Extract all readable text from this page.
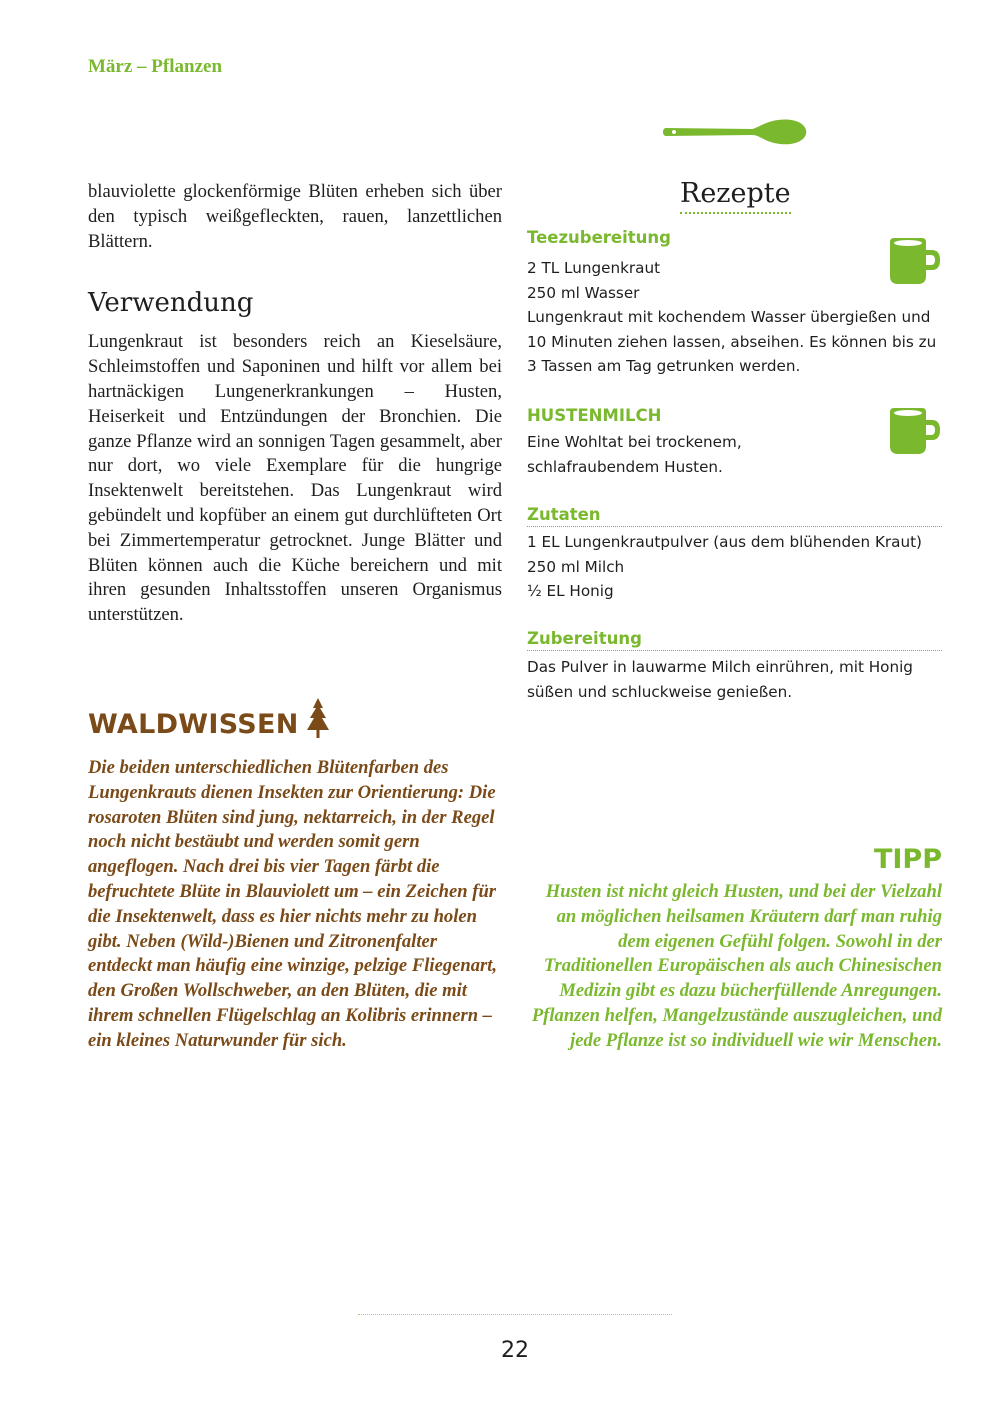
März – Pflanzen

blauviolette glockenförmige Blüten erheben sich über den typisch weißgefleckten, rauen, lanzettlichen Blättern.

Verwendung

Lungenkraut ist besonders reich an Kieselsäure, Schleimstoffen und Saponinen und hilft vor allem bei hartnäckigen Lungenerkrankungen – Husten, Heiserkeit und Entzündungen der Bronchien. Die ganze Pflanze wird an sonnigen Tagen gesammelt, aber nur dort, wo viele Exemplare für die hungrige Insektenwelt bereitstehen. Das Lungenkraut wird gebündelt und kopfüber an einem gut durchlüfteten Ort bei Zimmertemperatur getrocknet. Junge Blätter und Blüten können auch die Küche bereichern und mit ihren gesunden Inhaltsstoffen unseren Organismus unterstützen.

WALDWISSEN

Die beiden unterschiedlichen Blütenfarben des Lungenkrauts dienen Insekten zur Orientierung: Die rosaroten Blüten sind jung, nektarreich, in der Regel noch nicht bestäubt und werden somit gern angeflogen. Nach drei bis vier Tagen färbt die befruchtete Blüte in Blauviolett um – ein Zeichen für die Insektenwelt, dass es hier nichts mehr zu holen gibt. Neben (Wild-)Bienen und Zitronenfalter entdeckt man häufig eine winzige, pelzige Fliegenart, den Großen Wollschweber, an den Blüten, die mit ihrem schnellen Flügelschlag an Kolibris erinnern – ein kleines Naturwunder für sich.

Rezepte
Teezubereitung
2 TL Lungenkraut
250 ml Wasser
Lungenkraut mit kochendem Wasser übergießen und 10 Minuten ziehen lassen, abseihen. Es können bis zu 3 Tassen am Tag getrunken werden.
HUSTENMILCH
Eine Wohltat bei trockenem, schlafraubendem Husten.
Zutaten
1 EL Lungenkrautpulver (aus dem blühenden Kraut)
250 ml Milch
½ EL Honig
Zubereitung
Das Pulver in lauwarme Milch einrühren, mit Honig süßen und schluckweise genießen.
TIPP

Husten ist nicht gleich Husten, und bei der Vielzahl an möglichen heilsamen Kräutern darf man ruhig dem eigenen Gefühl folgen. Sowohl in der Traditionellen Europäischen als auch Chinesischen Medizin gibt es dazu bücherfüllende Anregungen. Pflanzen helfen, Mangelzustände auszugleichen, und jede Pflanze ist so individuell wie wir Menschen.

22
